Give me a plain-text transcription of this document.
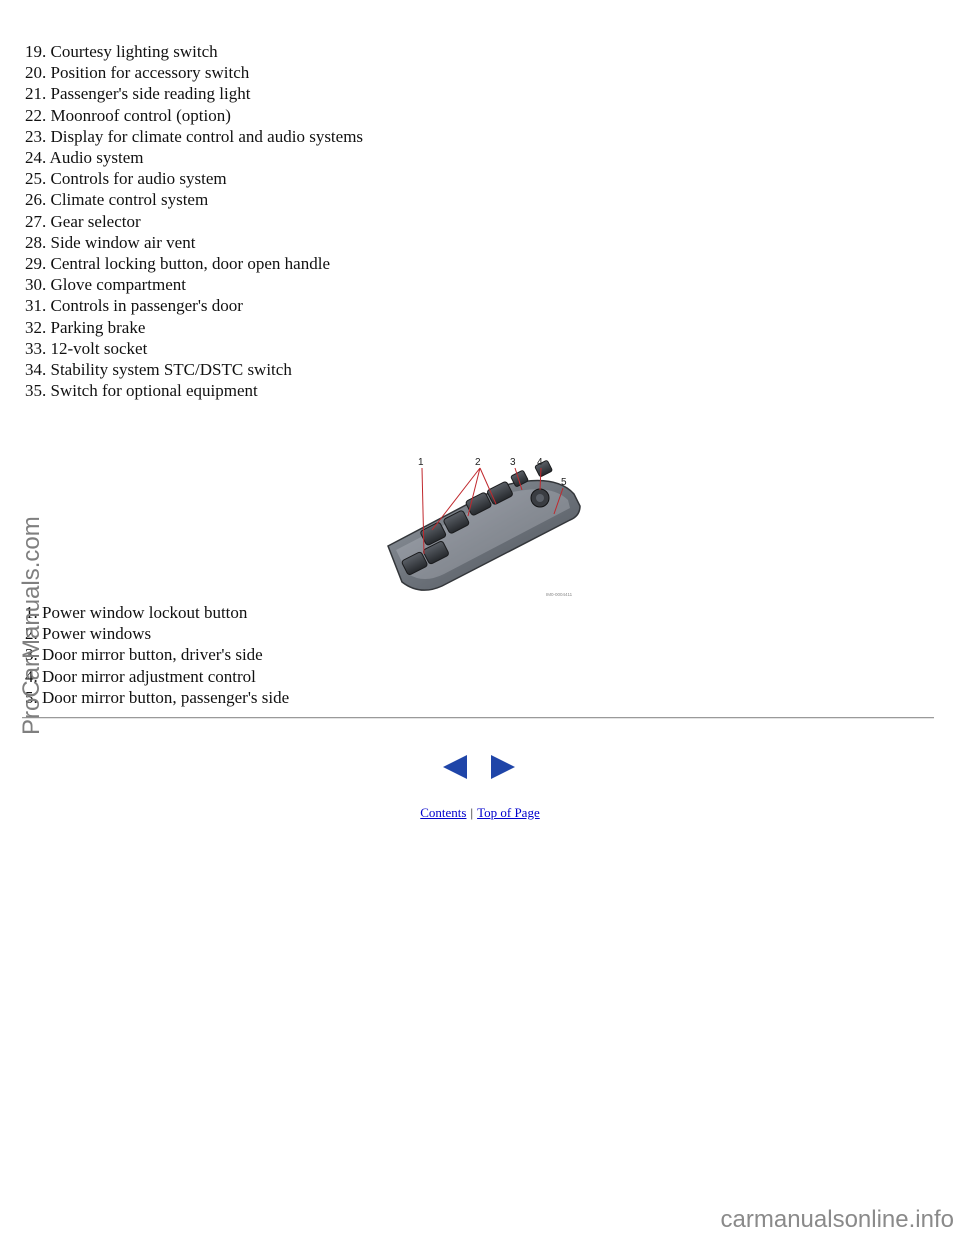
19. Courtesy lighting switch
20. Position for accessory switch
21. Passenger's side reading light
22. Moonroof control (option)
23. Display for climate control and audio systems
24. Audio system
25. Controls for audio system
26. Climate control system
27. Gear selector
28. Side window air vent
29. Central locking button, door open handle
30. Glove compartment
31. Controls in passenger's door
32. Parking brake
33. 12-volt socket
34. Stability system STC/DSTC switch
35. Switch for optional equipment
1	2	3 4
5
IM0-0004411
1. Power window lockout button
2. Power windows
3. Door mirror button, driver's side
4. Door mirror adjustment control
5. Door mirror button, passenger's side
Contents | Top of Page
ProCarManuals.com
carmanualsonline.info
